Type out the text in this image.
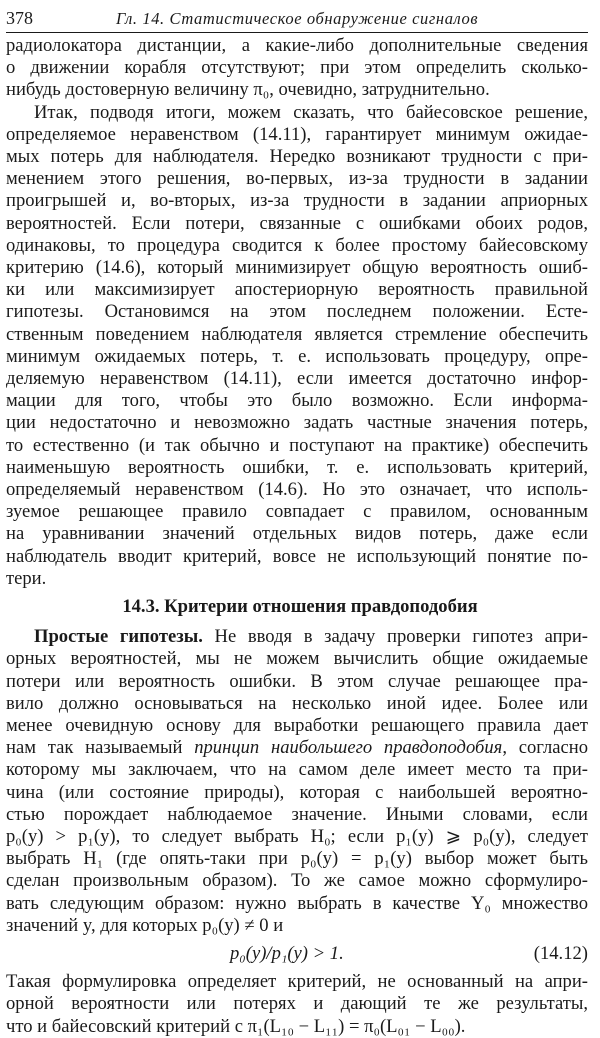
378	Гл. 14. Статистическое обнаружение сигналов
радиолокатора дистанции, а какие-либо дополнительные сведения
о движении корабля отсутствуют; при этом определить сколько-
нибудь достоверную величину π₀, очевидно, затруднительно.
Итак, подводя итоги, можем сказать, что байесовское решение,
определяемое неравенством (14.11), гарантирует минимум ожидае-
мых потерь для наблюдателя. Нередко возникают трудности с при-
менением этого решения, во-первых, из-за трудности в задании
проигрышей и, во-вторых, из-за трудности в задании априорных
вероятностей. Если потери, связанные с ошибками обоих родов,
одинаковы, то процедура сводится к более простому байесовскому
критерию (14.6), который минимизирует общую вероятность ошиб-
ки или максимизирует апостериорную вероятность правильной
гипотезы. Остановимся на этом последнем положении. Есте-
ственным поведением наблюдателя является стремление обеспечить
минимум ожидаемых потерь, т. е. использовать процедуру, опре-
деляемую неравенством (14.11), если имеется достаточно инфор-
мации для того, чтобы это было возможно. Если информа-
ции недостаточно и невозможно задать частные значения потерь,
то естественно (и так обычно и поступают на практике) обеспечить
наименьшую вероятность ошибки, т. е. использовать критерий,
определяемый неравенством (14.6). Но это означает, что исполь-
зуемое решающее правило совпадает с правилом, основанным
на уравнивании значений отдельных видов потерь, даже если
наблюдатель вводит критерий, вовсе не использующий понятие по-
тери.
14.3. Критерии отношения правдоподобия
Простые гипотезы. Не вводя в задачу проверки гипотез апри-
орных вероятностей, мы не можем вычислить общие ожидаемые
потери или вероятность ошибки. В этом случае решающее пра-
вило должно основываться на несколько иной идее. Более или
менее очевидную основу для выработки решающего правила дает
нам так называемый принцип наибольшего правдоподобия, согласно
которому мы заключаем, что на самом деле имеет место та при-
чина (или состояние природы), которая с наибольшей вероятно-
стью порождает наблюдаемое значение. Иными словами, если
p₀(y) > p₁(y), то следует выбрать H₀; если p₁(y) ⩾ p₀(y), следует
выбрать H₁ (где опять-таки при p₀(y) = p₁(y) выбор может быть
сделан произвольным образом). То же самое можно сформулиро-
вать следующим образом: нужно выбрать в качестве Y₀ множество
значений y, для которых p₀(y) ≠ 0 и
p₀(y)/p₁(y) > 1.	(14.12)
Такая формулировка определяет критерий, не основанный на апри-
орной вероятности или потерях и дающий те же результаты,
что и байесовский критерий с π₁(L₁₀ − L₁₁) = π₀(L₀₁ − L₀₀).
